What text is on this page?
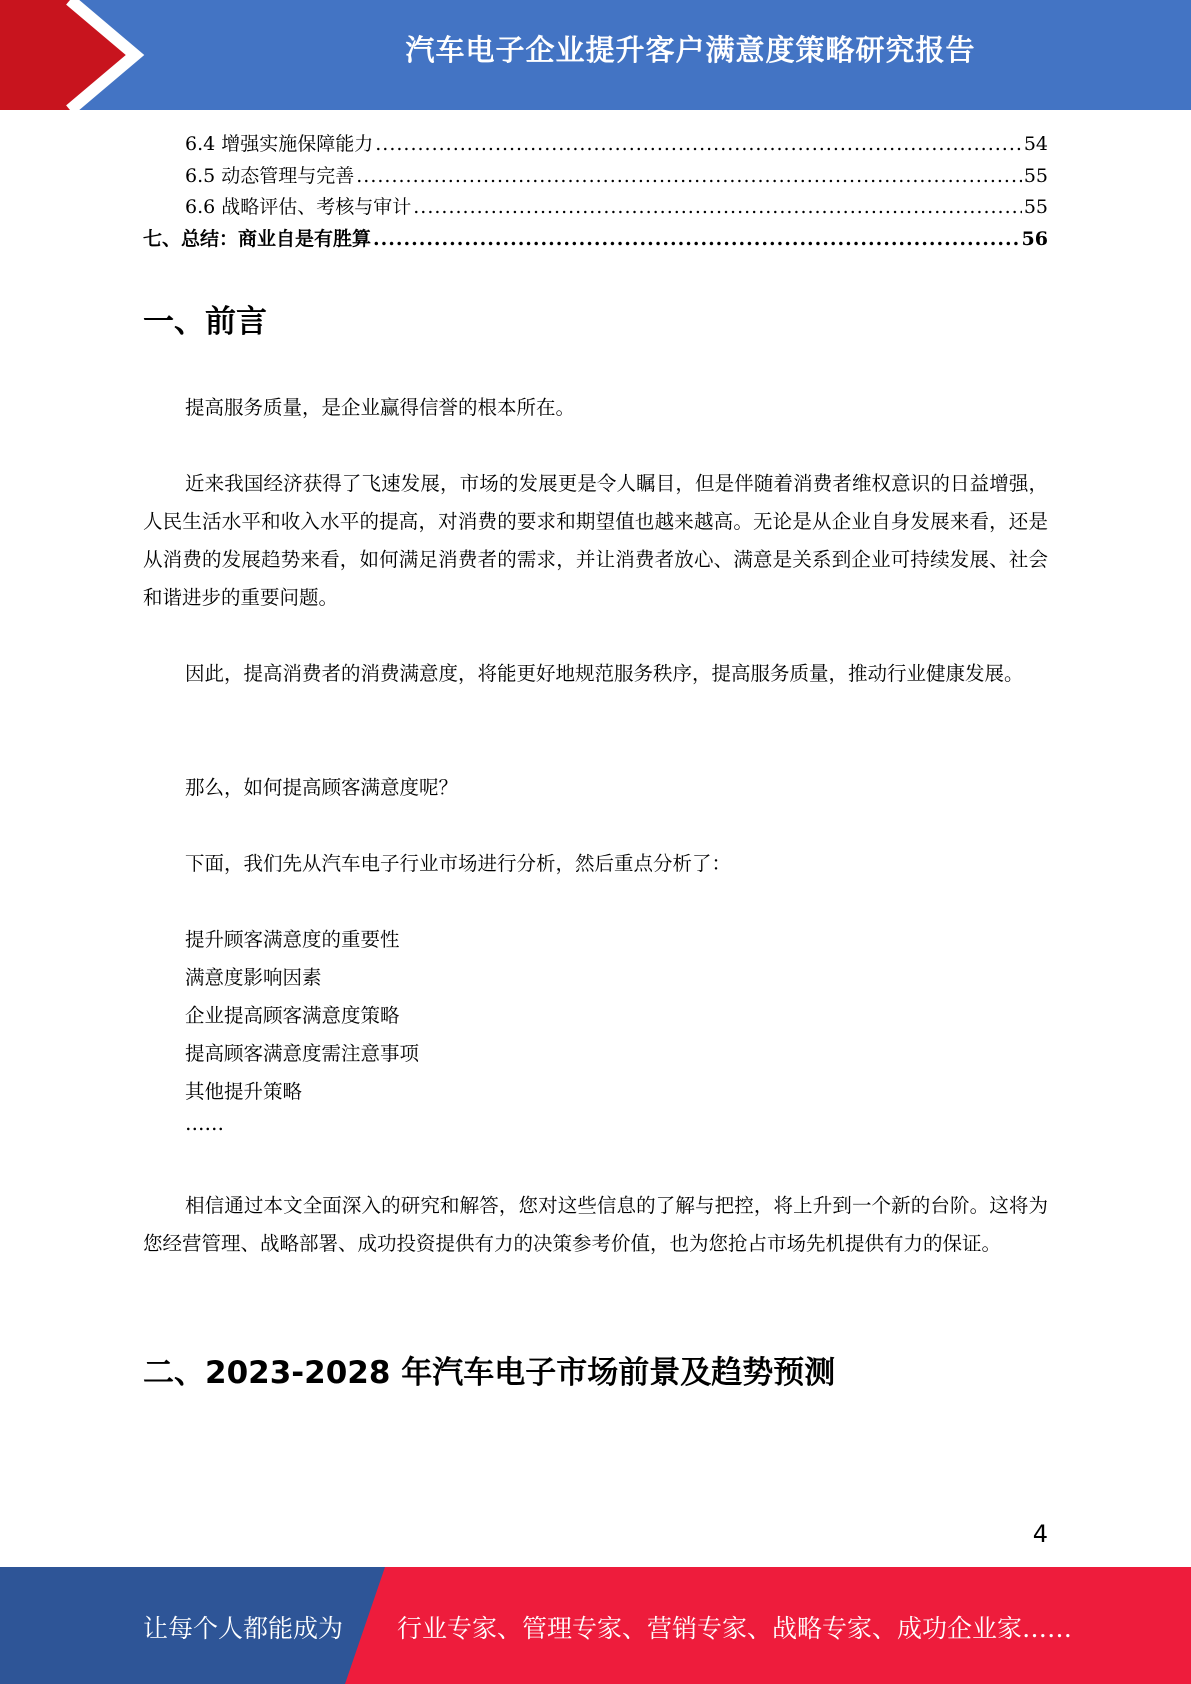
汽车电子企业提升客户满意度策略研究报告
6.4 增强实施保障能力 .....	54
6.5 动态管理与完善 .....	55
6.6 战略评估、考核与审计 .....	55
七、总结：商业自是有胜算 .....	56
一、前言

提高服务质量，是企业赢得信誉的根本所在。

近来我国经济获得了飞速发展，市场的发展更是令人瞩目，但是伴随着消费者维权意识的日益增强，人民生活水平和收入水平的提高，对消费的要求和期望值也越来越高。无论是从企业自身发展来看，还是从消费的发展趋势来看，如何满足消费者的需求，并让消费者放心、满意是关系到企业可持续发展、社会和谐进步的重要问题。

因此，提高消费者的消费满意度，将能更好地规范服务秩序，提高服务质量，推动行业健康发展。

那么，如何提高顾客满意度呢？

下面，我们先从汽车电子行业市场进行分析，然后重点分析了：

提升顾客满意度的重要性
满意度影响因素
企业提高顾客满意度策略
提高顾客满意度需注意事项
其他提升策略
……

相信通过本文全面深入的研究和解答，您对这些信息的了解与把控，将上升到一个新的台阶。这将为您经营管理、战略部署、成功投资提供有力的决策参考价值，也为您抢占市场先机提供有力的保证。

二、2023-2028 年汽车电子市场前景及趋势预测
4
让每个人都能成为 行业专家、管理专家、营销专家、战略专家、成功企业家……
